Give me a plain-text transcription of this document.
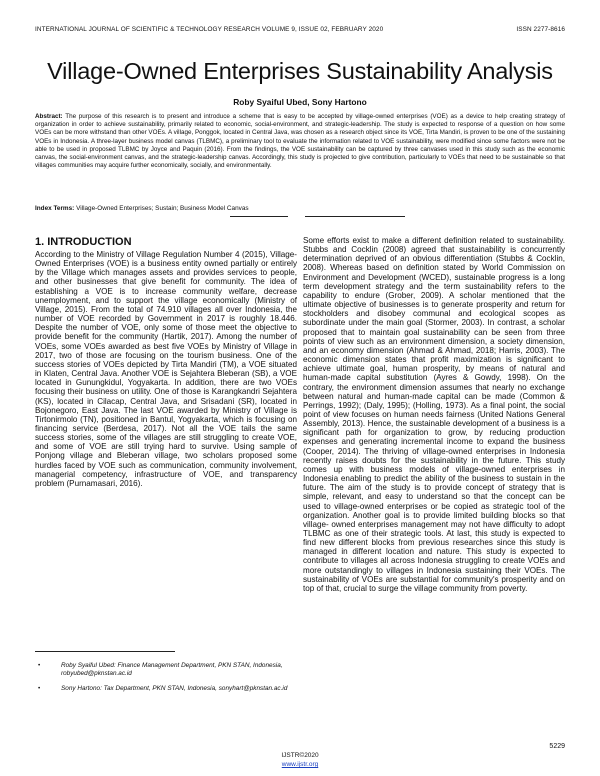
INTERNATIONAL JOURNAL OF SCIENTIFIC & TECHNOLOGY RESEARCH VOLUME 9, ISSUE 02, FEBRUARY 2020	ISSN 2277-8616
Village-Owned Enterprises Sustainability Analysis
Roby Syaiful Ubed, Sony Hartono

Abstract: The purpose of this research is to present and introduce a scheme that is easy to be accepted by village-owned enterprises (VOE) as a device to help creating strategy of organization in order to achieve sustainability, primarily related to economic, social-environment, and strategic-leadership. The study is expected to response of a question on how some VOEs can be more withstand than other VOEs. A village, Ponggok, located in Central Java, was chosen as a research object since its VOE, Tirta Mandiri, is proven to be one of the sustaining VOEs in Indonesia. A three-layer business model canvas (TLBMC), a preliminary tool to evaluate the information related to VOE sustainability, were modified since some factors were not be able to be used in proposed TLBMC by Joyce and Paquin (2016). From the findings, the VOE sustainability can be captured by three canvases used in this study such as the economic canvas, the social-environment canvas, and the strategic-leadership canvas. Accordingly, this study is projected to give contribution, particularly to VOEs that need to be sustainable so that villages communities may acquire further economically, socially, and environmentally.

Index Terms: Village-Owned Enterprises; Sustain; Business Model Canvas
1. INTRODUCTION

According to the Ministry of Village Regulation Number 4 (2015), Village-Owned Enterprises (VOE) is a business entity owned partially or entirely by the Village which manages assets and provides services to people, and other businesses that give benefit for community. The idea of establishing a VOE is to increase community welfare, decrease unemployment, and to support the village economically (Ministry of Village, 2015). From the total of 74.910 villages all over Indonesia, the number of VOE recorded by Government in 2017 is roughly 18.446. Despite the number of VOE, only some of those meet the objective to provide benefit for the community (Hartik, 2017). Among the number of VOEs, some VOEs awarded as best five VOEs by Ministry of Village in 2017, two of those are focusing on the tourism business. One of the success stories of VOEs depicted by Tirta Mandiri (TM), a VOE situated in Klaten, Central Java. Another VOE is Sejahtera Bleberan (SB), a VOE located in Gunungkidul, Yogyakarta. In addition, there are two VOEs focusing their business on utility. One of those is Karangkandri Sejahtera (KS), located in Cilacap, Central Java, and Srisadani (SR), located in Bojonegoro, East Java. The last VOE awarded by Ministry of Village is Tirtonirmolo (TN), positioned in Bantul, Yogyakarta, which is focusing on financing service (Berdesa, 2017). Not all the VOE tails the same success stories, some of the villages are still struggling to create VOE, and some of VOE are still trying hard to survive. Using sample of Ponjong village and Bleberan village, two scholars proposed some hurdles faced by VOE such as communication, community involvement, managerial competency, infrastructure of VOE, and transparency problem (Purnamasari, 2016).

Some efforts exist to make a different definition related to sustainability. Stubbs and Cocklin (2008) agreed that sustainability is concurrently determination deprived of an obvious differentiation (Stubbs & Cocklin, 2008). Whereas based on definition stated by World Commission on Environment and Development (WCED), sustainable progress is a long term development strategy and the term sustainability refers to the capability to endure (Grober, 2009). A scholar mentioned that the ultimate objective of businesses is to generate prosperity and return for stockholders and disobey communal and ecological scopes as subordinate under the main goal (Stormer, 2003). In contrast, a scholar proposed that to maintain goal sustainability can be seen from three points of view such as an environment dimension, a society dimension, and an economy dimension (Ahmad & Ahmad, 2018; Harris, 2003). The economic dimension states that profit maximization is significant to achieve ultimate goal, human prosperity, by means of natural and human-made capital substitution (Ayres & Gowdy, 1998). On the contrary, the environment dimension assumes that nearly no exchange between natural and human-made capital can be made (Common & Perrings, 1992); (Daly, 1995); (Holling, 1973). As a final point, the social point of view focuses on human needs fairness (United Nations General Assembly, 2013). Hence, the sustainable development of a business is a significant path for organization to grow, by reducing production expenses and generating incremental income to expand the business (Cooper, 2014). The thriving of village-owned enterprises in Indonesia recently raises doubts for the sustainability in the future. This study comes up with business models of village-owned enterprises in Indonesia enabling to predict the ability of the business to sustain in the future. The aim of the study is to provide concept of strategy that is simple, relevant, and easy to understand so that the concept can be used to village-owned enterprises or be copied as strategic tool of the organization. Another goal is to provide limited building blocks so that village- owned enterprises management may not have difficulty to adopt TLBMC as one of their strategic tools. At last, this study is expected to find new different blocks from previous researches since this study is managed in different location and nature. This study is expected to contribute to villages all across Indonesia struggling to create VOEs and more outstandingly to villages in Indonesia sustaining their VOEs. The sustainability of VOEs are substantial for community's prosperity and on top of that, crucial to surge the village community from poverty.

•	Roby Syaiful Ubed: Finance Management Department, PKN STAN, Indonesia, robyubed@pknstan.ac.id
•	Sony Hartono: Tax Department, PKN STAN, Indonesia, sonyhart@pknstan.ac.id
5229
IJSTR©2020
www.ijstr.org
